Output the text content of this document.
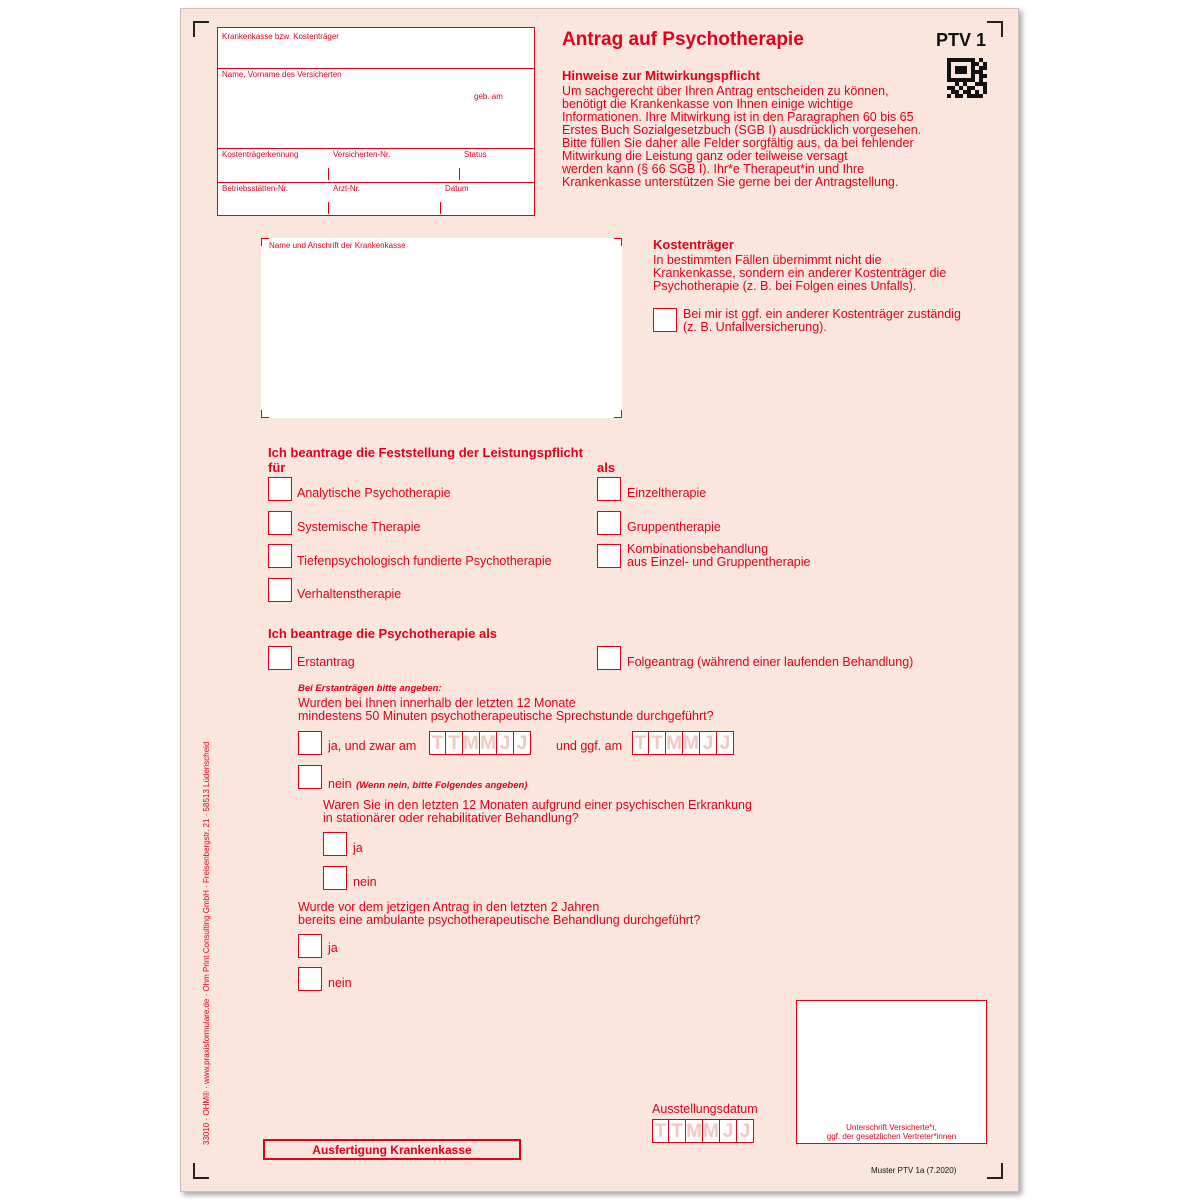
Krankenkasse bzw. Kostenträger
Name, Vorname des Versicherten
geb. am
Kostenträgerkennung	Versicherten-Nr.	Status
Betriebsstätten-Nr.	Arzt-Nr.	Datum
Antrag auf Psychotherapie	PTV 1
Hinweise zur Mitwirkungspflicht
Um sachgerecht über Ihren Antrag entscheiden zu können,
benötigt die Krankenkasse von Ihnen einige wichtige
Informationen. Ihre Mitwirkung ist in den Paragraphen 60 bis 65
Erstes Buch Sozialgesetzbuch (SGB I) ausdrücklich vorgesehen.
Bitte füllen Sie daher alle Felder sorgfältig aus, da bei fehlender
Mitwirkung die Leistung ganz oder teilweise versagt
werden kann (§ 66 SGB I). Ihr*e Therapeut*in und Ihre
Krankenkasse unterstützen Sie gerne bei der Antragstellung.
Name und Anschrift der Krankenkasse	Kostenträger
In bestimmten Fällen übernimmt nicht die
Krankenkasse, sondern ein anderer Kostenträger die
Psychotherapie (z. B. bei Folgen eines Unfalls).
Bei mir ist ggf. ein anderer Kostenträger zuständig
(z. B. Unfallversicherung).
Ich beantrage die Feststellung der Leistungspflicht
für	als
Analytische Psychotherapie
Systemische Therapie
Tiefenpsychologisch fundierte Psychotherapie
Verhaltenstherapie
Einzeltherapie
Gruppentherapie
Kombinationsbehandlung
aus Einzel- und Gruppentherapie
Ich beantrage die Psychotherapie als
Erstantrag	Folgeantrag (während einer laufenden Behandlung)
Bei Erstanträgen bitte angeben:
Wurden bei Ihnen innerhalb der letzten 12 Monate
mindestens 50 Minuten psychotherapeutische Sprechstunde durchgeführt?
ja, und zwar am T T M M J J und ggf. am T T M M J J
nein (Wenn nein, bitte Folgendes angeben)
Waren Sie in den letzten 12 Monaten aufgrund einer psychischen Erkrankung
in stationärer oder rehabilitativer Behandlung?
ja
nein
Wurde vor dem jetzigen Antrag in den letzten 2 Jahren
bereits eine ambulante psychotherapeutische Behandlung durchgeführt?
ja
nein
Unterschrift Versicherte*r,
ggf. der gesetzlichen Vertreter*innen
Ausstellungsdatum
T T M M J J
Ausfertigung Krankenkasse
Muster PTV 1a (7.2020)
33010 · OHM® · www.praxisformulare.de · Ohm Print Consulting GmbH · Freisenbergstr. 21 · 58513 Lüdenscheid
